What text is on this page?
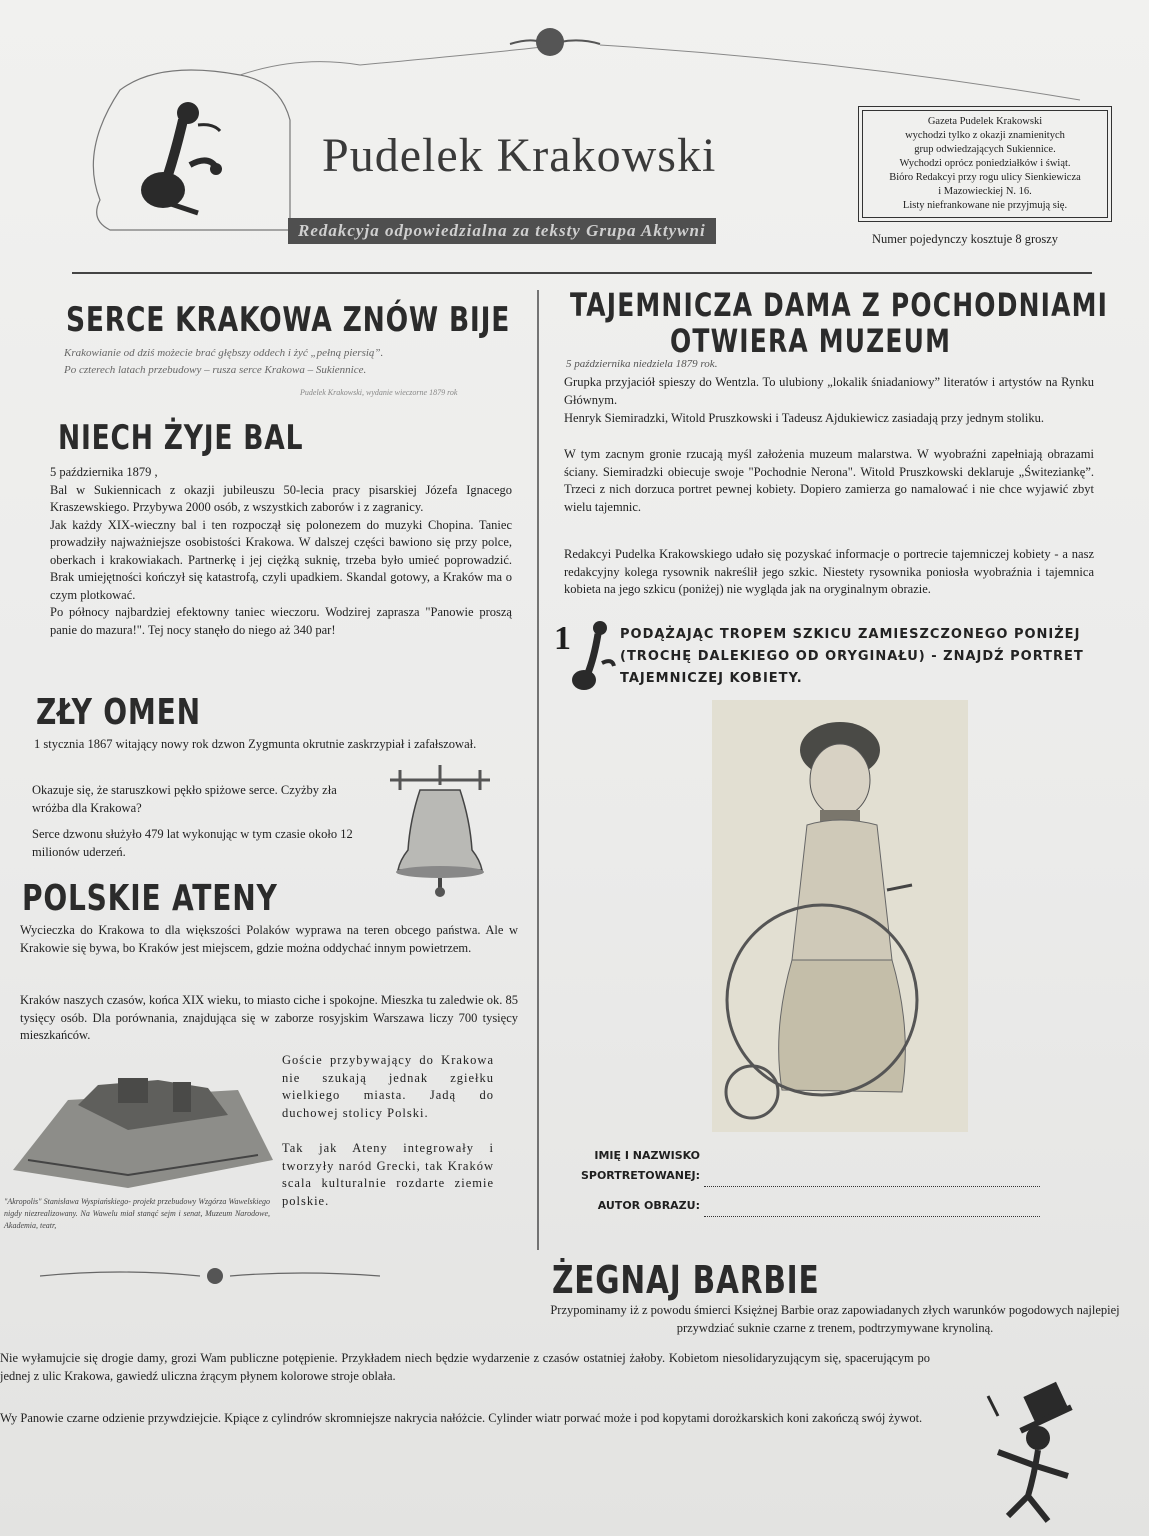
Pudelek Krakowski
Redakcyja odpowiedzialna za teksty Grupa Aktywni
Gazeta Pudelek Krakowski
wychodzi tylko z okazji znamienitych
grup odwiedzających Sukiennice.
Wychodzi oprócz poniedziałków i świąt.
Biόro Redakcyi przy rogu ulicy Sienkiewicza
i Mazowieckiej N. 16.
Listy niefrankowane nie przyjmują się.
Numer pojedynczy kosztuje 8 groszy
SERCE KRAKOWA ZNÓW BIJE

Krakowianie od dziś możecie brać głębszy oddech i żyć „pełną piersią”.

Po czterech latach przebudowy – rusza serce Krakowa – Sukiennice.

Pudelek Krakowski, wydanie wieczorne 1879 rok
NIECH ŻYJE BAL

5 października 1879 ,

Bal w Sukiennicach z okazji jubileuszu 50-lecia pracy pisarskiej Józefa Ignacego Kraszewskiego. Przybywa 2000 osób, z wszystkich zaborów i z zagranicy.

Jak każdy XIX-wieczny bal i ten rozpoczął się polonezem do muzyki Chopina. Taniec prowadziły najważniejsze osobistości Krakowa. W dalszej części bawiono się przy polce, oberkach i krakowiakach. Partnerkę i jej ciężką suknię, trzeba było umieć poprowadzić. Brak umiejętności kończył się katastrofą, czyli upadkiem. Skandal gotowy, a Kraków ma o czym plotkować.

Po północy najbardziej efektowny taniec wieczoru. Wodzirej zaprasza "Panowie proszą panie do mazura!". Tej nocy stanęło do niego aż 340 par!

ZŁY OMEN
1 stycznia 1867 witający nowy rok dzwon Zygmunta okrutnie zaskrzypiał i zafałszował.
Okazuje się, że staruszkowi pękło spiżowe serce. Czyżby zła wróżba dla Krakowa?
Serce dzwonu służyło 479 lat wykonując w tym czasie około 12 milionów uderzeń.
POLSKIE ATENY
Wycieczka do Krakowa to dla większości Polaków wyprawa na teren obcego państwa. Ale w Krakowie się bywa, bo Kraków jest miejscem, gdzie można oddychać innym powietrzem.
Kraków naszych czasów, końca XIX wieku, to miasto ciche i spokojne. Mieszka tu zaledwie ok. 85 tysięcy osób. Dla porównania, znajdująca się w zaborze rosyjskim Warszawa liczy 700 tysięcy mieszkańców.
Goście przybywający do Krakowa nie szukają jednak zgiełku wielkiego miasta. Jadą do duchowej stolicy Polski.
Tak jak Ateny integrowały i tworzyły naród Grecki, tak Kraków scala kulturalnie rozdarte ziemie polskie.
"Akropolis" Stanisława Wyspiańskiego- projekt przebudowy Wzgórza Wawelskiego nigdy niezrealizowany. Na Wawelu miał stanąć sejm i senat, Muzeum Narodowe, Akademia, teatr,
TAJEMNICZA DAMA Z POCHODNIAMI
OTWIERA MUZEUM
5 października niedziela 1879 rok.
Grupka przyjaciół spieszy do Wentzla. To ulubiony „lokalik śniadaniowy” literatów i artystów na Rynku Głównym.
Henryk Siemiradzki, Witold Pruszkowski i Tadeusz Ajdukiewicz zasiadają przy jednym stoliku.
W tym zacnym gronie rzucają myśl założenia muzeum malarstwa. W wyobraźni zapełniają obrazami ściany. Siemiradzki obiecuje swoje "Pochodnie Nerona". Witold Pruszkowski deklaruje „Świteziankę”. Trzeci z nich dorzuca portret pewnej kobiety. Dopiero zamierza go namalować i nie chce wyjawić zbyt wielu tajemnic.
Redakcyi Pudelka Krakowskiego udało się pozyskać informacje o portrecie tajemniczej kobiety - a nasz redakcyjny kolega rysownik nakreślił jego szkic. Niestety rysownika poniosła wyobraźnia i tajemnica kobieta na jego szkicu (poniżej) nie wygląda jak na oryginalnym obrazie.
1	PODĄŻAJĄC TROPEM SZKICU ZAMIESZCZONEGO PONIŻEJ (TROCHĘ DALEKIEGO OD ORYGINAŁU) - ZNAJDŹ PORTRET TAJEMNICZEJ KOBIETY.
IMIĘ I NAZWISKO
SPORTRETOWANEJ:
AUTOR OBRAZU:
ŻEGNAJ BARBIE
Przypominamy iż z powodu śmierci Księżnej Barbie oraz zapowiadanych złych warunków pogodowych najlepiej przywdziać suknie czarne z trenem, podtrzymywane krynoliną.
Nie wyłamujcie się drogie damy, grozi Wam publiczne potępienie. Przykładem niech będzie wydarzenie z czasów ostatniej żałoby. Kobietom niesolidaryzującym się, spacerującym po jednej z ulic Krakowa, gawiedź uliczna żrącym płynem kolorowe stroje oblała.
Wy Panowie czarne odzienie przywdziejcie. Kpiące z cylindrów skromniejsze nakrycia nałóżcie. Cylinder wiatr porwać może i pod kopytami dorożkarskich koni zakończą swój żywot.
